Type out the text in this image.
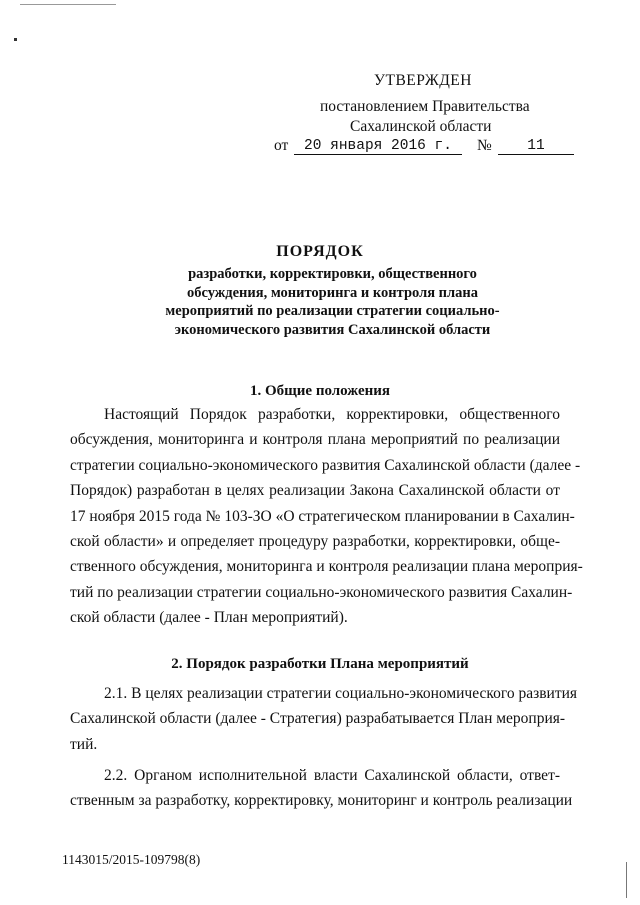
УТВЕРЖДЕН
постановлением Правительства
Сахалинской области
от	20 января 2016 г.	№	11
ПОРЯДОК
разработки, корректировки, общественного
обсуждения, мониторинга и контроля плана
мероприятий по реализации стратегии социально-
экономического развития Сахалинской области
1. Общие положения
Настоящий Порядок разработки, корректировки, общественного
обсуждения, мониторинга и контроля плана мероприятий по реализации
стратегии социально-экономического развития Сахалинской области (далее -
Порядок) разработан в целях реализации Закона Сахалинской области от
17 ноября 2015 года № 103-ЗО «О стратегическом планировании в Сахалин-
ской области» и определяет процедуру разработки, корректировки, обще-
ственного обсуждения, мониторинга и контроля реализации плана мероприя-
тий по реализации стратегии социально-экономического развития Сахалин-
ской области (далее - План мероприятий).
2. Порядок разработки Плана мероприятий
2.1. В целях реализации стратегии социально-экономического развития
Сахалинской области (далее - Стратегия) разрабатывается План мероприя-
тий.
2.2. Органом исполнительной власти Сахалинской области, ответ-
ственным за разработку, корректировку, мониторинг и контроль реализации
1143015/2015-109798(8)
